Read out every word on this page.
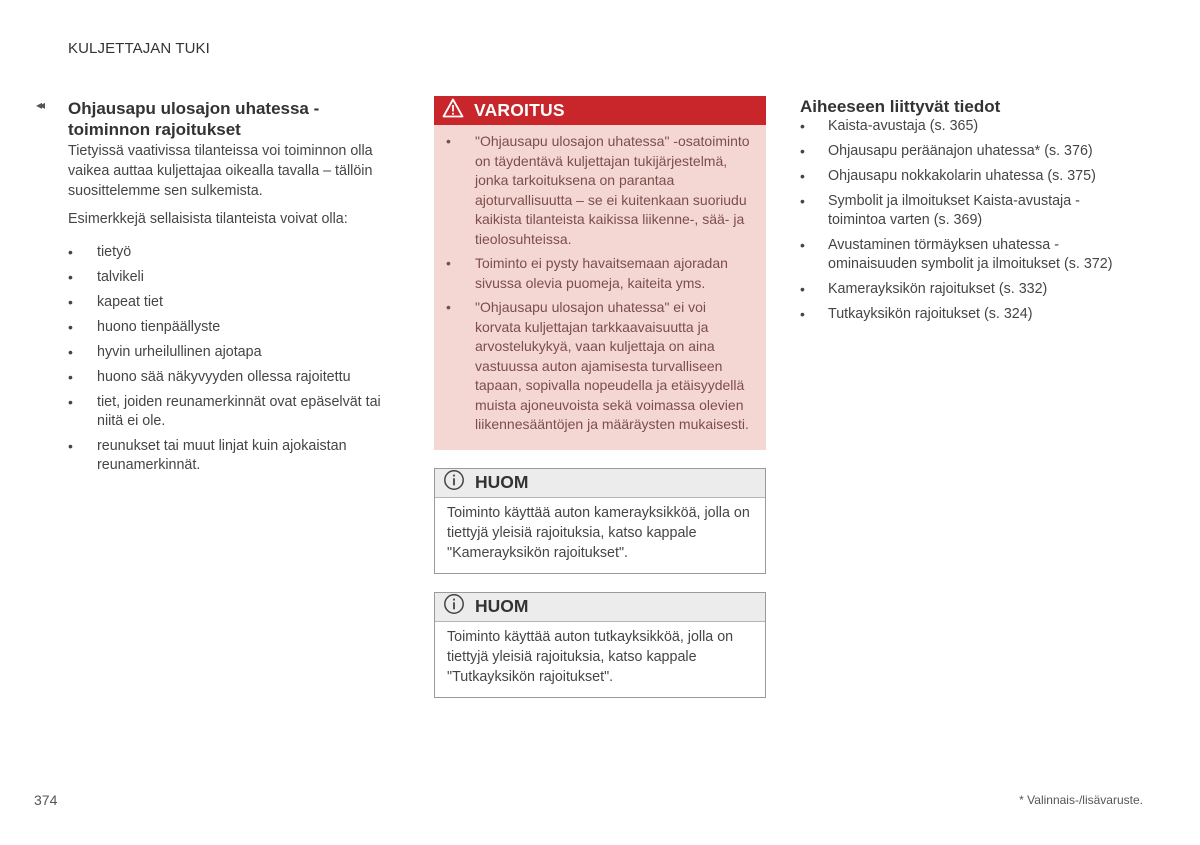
KULJETTAJAN TUKI
◂◂ Ohjausapu ulosajon uhatessa - toiminnon rajoitukset

Tietyissä vaativissa tilanteissa voi toiminnon olla vaikea auttaa kuljettajaa oikealla tavalla – tällöin suosittelemme sen sulkemista.

Esimerkkejä sellaisista tilanteista voivat olla:

• tietyö
• talvikeli
• kapeat tiet
• huono tienpäällyste
• hyvin urheilullinen ajotapa
• huono sää näkyvyyden ollessa rajoitettu
• tiet, joiden reunamerkinnät ovat epäselvät tai niitä ei ole.
• reunukset tai muut linjat kuin ajokaistan reunamerkinnät.
VAROITUS
• "Ohjausapu ulosajon uhatessa" -osatoiminto on täydentävä kuljettajan tukijärjestelmä, jonka tarkoituksena on parantaa ajoturvallisuutta – se ei kuitenkaan suoriudu kaikista tilanteista kaikissa liikenne-, sää- ja tieolosuhteissa.
• Toiminto ei pysty havaitsemaan ajoradan sivussa olevia puomeja, kaiteita yms.
• "Ohjausapu ulosajon uhatessa" ei voi korvata kuljettajan tarkkaavaisuutta ja arvostelukykyä, vaan kuljettaja on aina vastuussa auton ajamisesta turvalliseen tapaan, sopivalla nopeudella ja etäisyydellä muista ajoneuvoista sekä voimassa olevien liikennesääntöjen ja määräysten mukaisesti.
HUOM
Toiminto käyttää auton kamerayksikköä, jolla on tiettyjä yleisiä rajoituksia, katso kappale "Kamerayksikön rajoitukset".
HUOM
Toiminto käyttää auton tutkayksikköä, jolla on tiettyjä yleisiä rajoituksia, katso kappale "Tutkayksikön rajoitukset".
Aiheeseen liittyvät tiedot
• Kaista-avustaja (s. 365)
• Ohjausapu peräänajon uhatessa* (s. 376)
• Ohjausapu nokkakolarin uhatessa (s. 375)
• Symbolit ja ilmoitukset Kaista-avustaja -toimintoa varten (s. 369)
• Avustaminen törmäyksen uhatessa -ominaisuuden symbolit ja ilmoitukset (s. 372)
• Kamerayksikön rajoitukset (s. 332)
• Tutkayksikön rajoitukset (s. 324)
374	* Valinnais-/lisävaruste.
